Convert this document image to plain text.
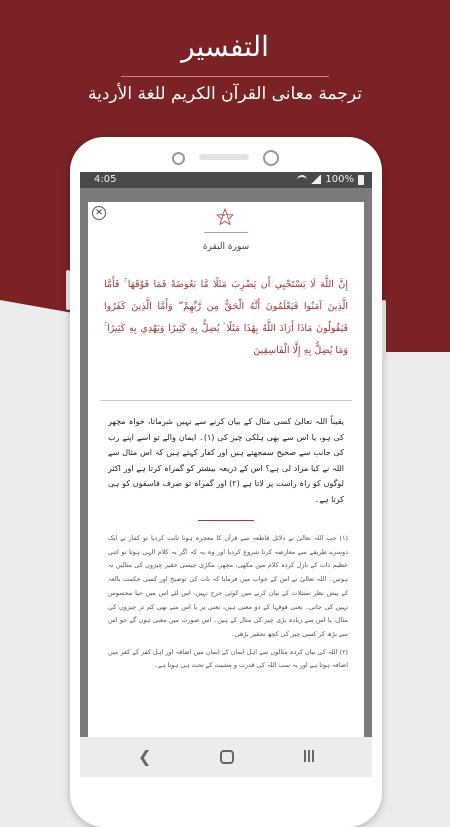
التفسير
ترجمة معانى القرآن الكريم للغة الأردية
4:05	100%
✕	٣٦
سورة البقرة
إِنَّ اللَّهَ لَا يَسْتَحْيِي أَن يَضْرِبَ مَثَلًا مَّا بَعُوضَةً فَمَا فَوْقَهَا ۚ فَأَمَّا الَّذِينَ آمَنُوا فَيَعْلَمُونَ أَنَّهُ الْحَقُّ مِن رَّبِّهِمْ ۖ وَأَمَّا الَّذِينَ كَفَرُوا فَيَقُولُونَ مَاذَا أَرَادَ اللَّهُ بِهَٰذَا مَثَلًا ۘ يُضِلُّ بِهِ كَثِيرًا وَيَهْدِي بِهِ كَثِيرًا ۚ وَمَا يُضِلُّ بِهِ إِلَّا الْفَاسِقِينَ
یقیناً اللہ تعالیٰ کسی مثال کے بیان کرنے سے نہیں شرماتا، خواہ مچھر کی ہو، یا اس سے بھی ہلکی چیز کی (۱)۔ ایمان والے تو اسے اپنے رب کی جانب سے صحیح سمجھتے ہیں اور کفار کہتے ہیں کہ اس مثال سے اللہ نے کیا مراد لی ہے؟ اس کے ذریعہ بیشتر کو گمراہ کرتا ہے اور اکثر لوگوں کو راہ راست پر لاتا ہے (۲) اور گمراہ تو صرف فاسقوں کو ہی کرتا ہے۔

(۱) جب اللہ تعالیٰ نے دلائل قاطعہ سے قرآن کا معجزہ ہونا ثابت کردیا تو کفار نے ایک دوسرے طریقے سے معارضہ کرنا شروع کردیا اور وہ یہ کہ اگر یہ کلام الہی ہوتا تو اتنی عظیم ذات کے نازل کردہ کلام میں مکھی، مچھر، مکڑی جیسی حقیر چیزوں کی مثالیں نہ ہوتیں۔ اللہ تعالیٰ نے اس کے جواب میں فرمایا کہ بات کی توضیح اور کسی حکمت بالغہ کے پیش نظر تمثیلات کے بیان کرنے میں کوئی حرج نہیں، اس لئے اس میں حیا محسوس نہیں کی جاتی۔ یعنی فوقہا کے دو معنی ہیں، یعنی پر یا اس سے بھی کم تر چیزوں کی مثال، یا اس سے زیادہ بڑی چیز کی مثال کے ہیں۔ اس صورت میں معنی ہوں گے جو اس سے بڑھ کر کسی چیز کی کچھ تحقیر بڑھی۔

(۲) اللہ کی بیان کردہ مثالوں سے اہل ایمان کے ایمان میں اضافہ اور اہل کفر کے کفر میں اضافہ ہوتا ہے اور یہ سب اللہ کی قدرت و مشیت کے تحت ہی ہوتا ہے۔

❮
